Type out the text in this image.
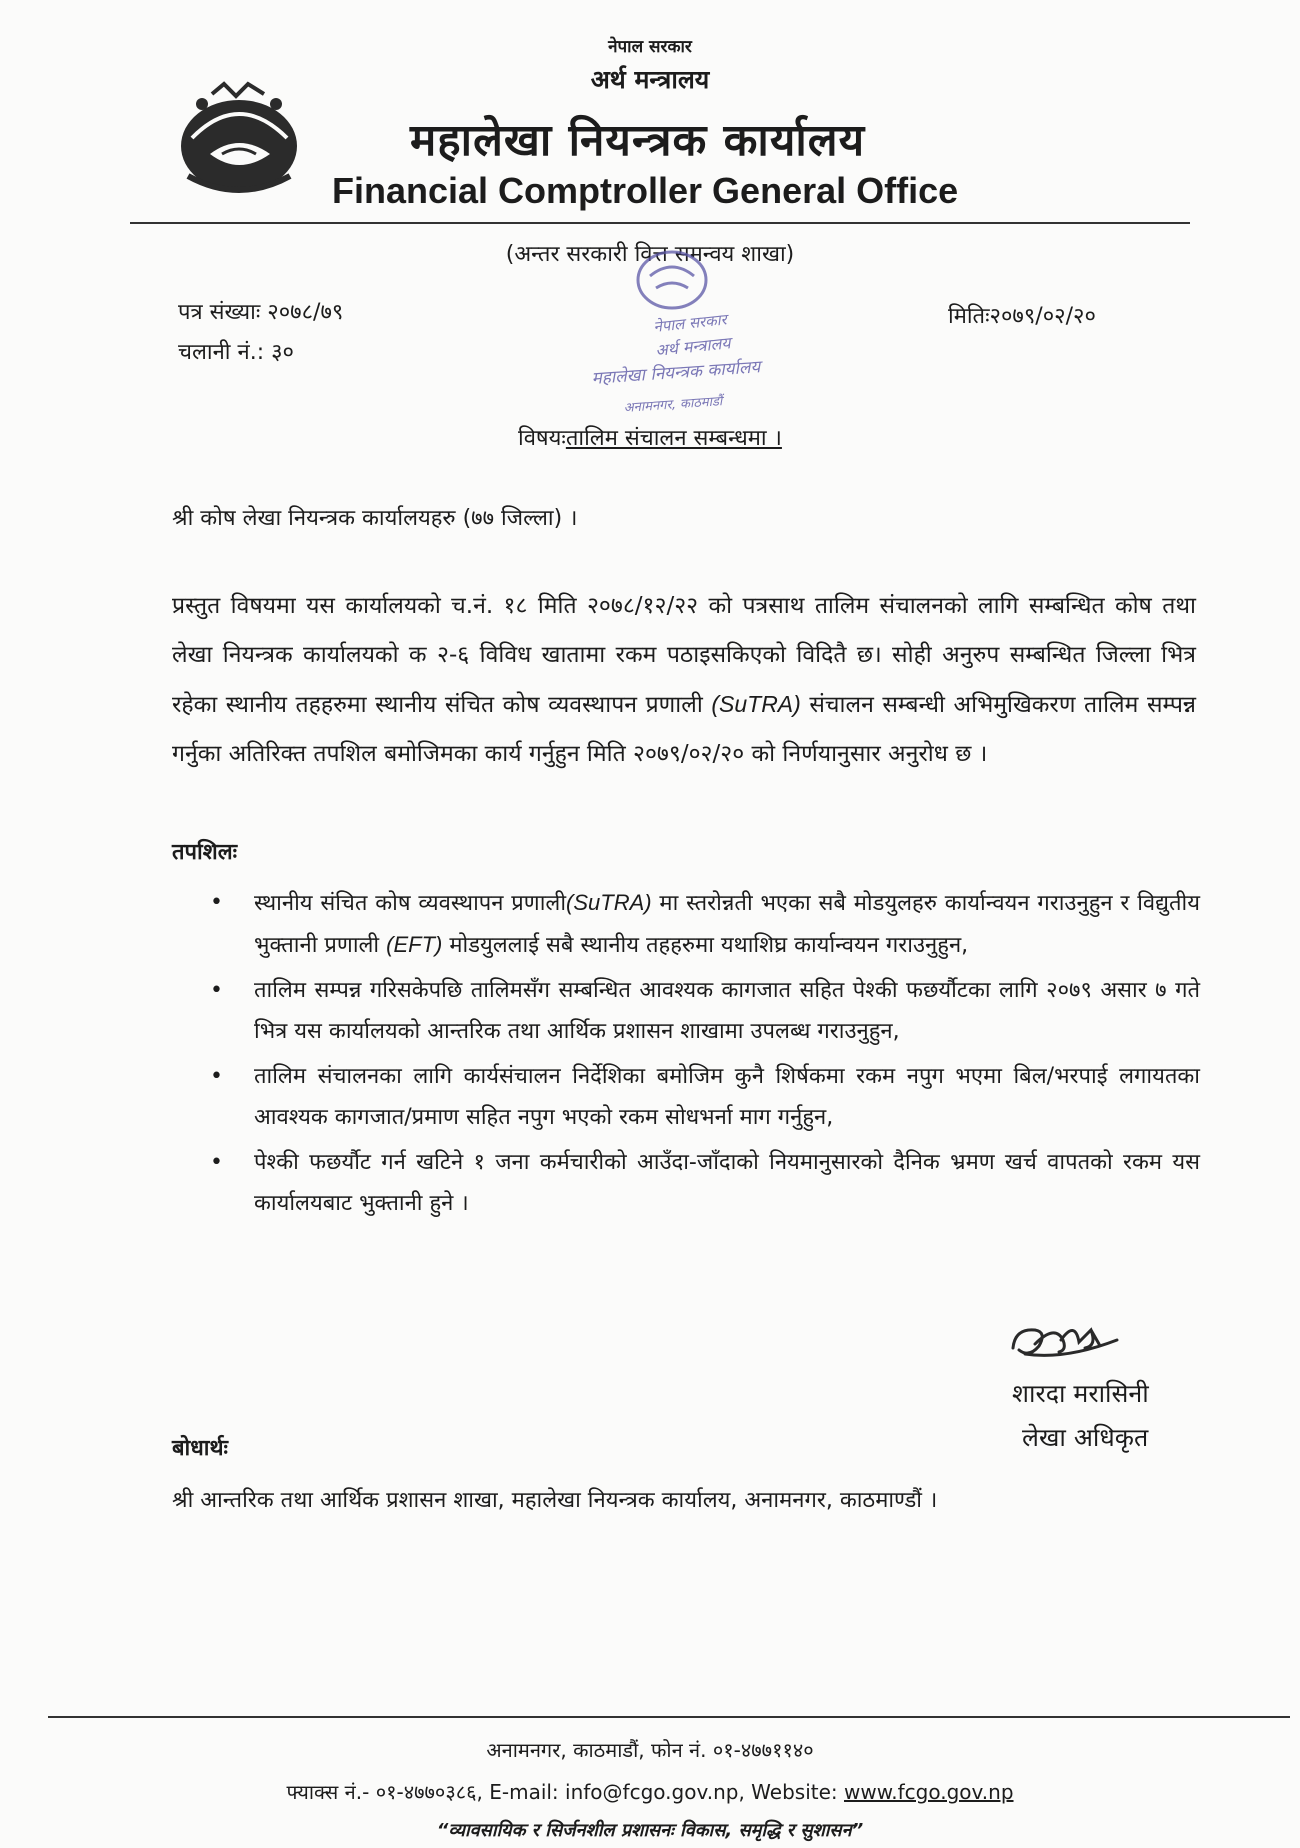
नेपाल सरकार
अर्थ मन्त्रालय
महालेखा नियन्त्रक कार्यालय
Financial Comptroller General Office
(अन्तर सरकारी वित्त समन्वय शाखा)
नेपाल सरकार
अर्थ मन्त्रालय
महालेखा नियन्त्रक कार्यालय
अनामनगर, काठमाडौं
पत्र संख्याः २०७८/७९
चलानी नं.: ३०
मितिः२०७९/०२/२०
विषयःतालिम संचालन सम्बन्धमा ।
श्री कोष लेखा नियन्त्रक कार्यालयहरु (७७ जिल्ला) ।
प्रस्तुत विषयमा यस कार्यालयको च.नं. १८ मिति २०७८/१२/२२ को पत्रसाथ तालिम संचालनको लागि सम्बन्धित कोष तथा लेखा नियन्त्रक कार्यालयको क २-६ विविध खातामा रकम पठाइसकिएको विदितै छ। सोही अनुरुप सम्बन्धित जिल्ला भित्र रहेका स्थानीय तहहरुमा स्थानीय संचित कोष व्यवस्थापन प्रणाली (SuTRA) संचालन सम्बन्धी अभिमुखिकरण तालिम सम्पन्न गर्नुका अतिरिक्त तपशिल बमोजिमका कार्य गर्नुहुन मिति २०७९/०२/२० को निर्णयानुसार अनुरोध छ ।
तपशिलः
• स्थानीय संचित कोष व्यवस्थापन प्रणाली(SuTRA) मा स्तरोन्नती भएका सबै मोडयुलहरु कार्यान्वयन गराउनुहुन र विद्युतीय भुक्तानी प्रणाली (EFT) मोडयुललाई सबै स्थानीय तहहरुमा यथाशिघ्र कार्यान्वयन गराउनुहुन,
• तालिम सम्पन्न गरिसकेपछि तालिमसँग सम्बन्धित आवश्यक कागजात सहित पेश्की फछर्यौटका लागि २०७९ असार ७ गते भित्र यस कार्यालयको आन्तरिक तथा आर्थिक प्रशासन शाखामा उपलब्ध गराउनुहुन,
• तालिम संचालनका लागि कार्यसंचालन निर्देशिका बमोजिम कुनै शिर्षकमा रकम नपुग भएमा बिल/भरपाई लगायतका आवश्यक कागजात/प्रमाण सहित नपुग भएको रकम सोधभर्ना माग गर्नुहुन,
• पेश्की फछर्यौट गर्न खटिने १ जना कर्मचारीको आउँदा-जाँदाको नियमानुसारको दैनिक भ्रमण खर्च वापतको रकम यस कार्यालयबाट भुक्तानी हुने ।
शारदा मरासिनी
लेखा अधिकृत
बोधार्थः
श्री आन्तरिक तथा आर्थिक प्रशासन शाखा, महालेखा नियन्त्रक कार्यालय, अनामनगर, काठमाण्डौं ।
अनामनगर, काठमाडौं, फोन नं. ०१-४७७११४०
फ्याक्स नं.- ०१-४७७०३८६, E-mail: info@fcgo.gov.np, Website: www.fcgo.gov.np
“व्यावसायिक र सिर्जनशील प्रशासनः विकास, समृद्धि र सुशासन”
